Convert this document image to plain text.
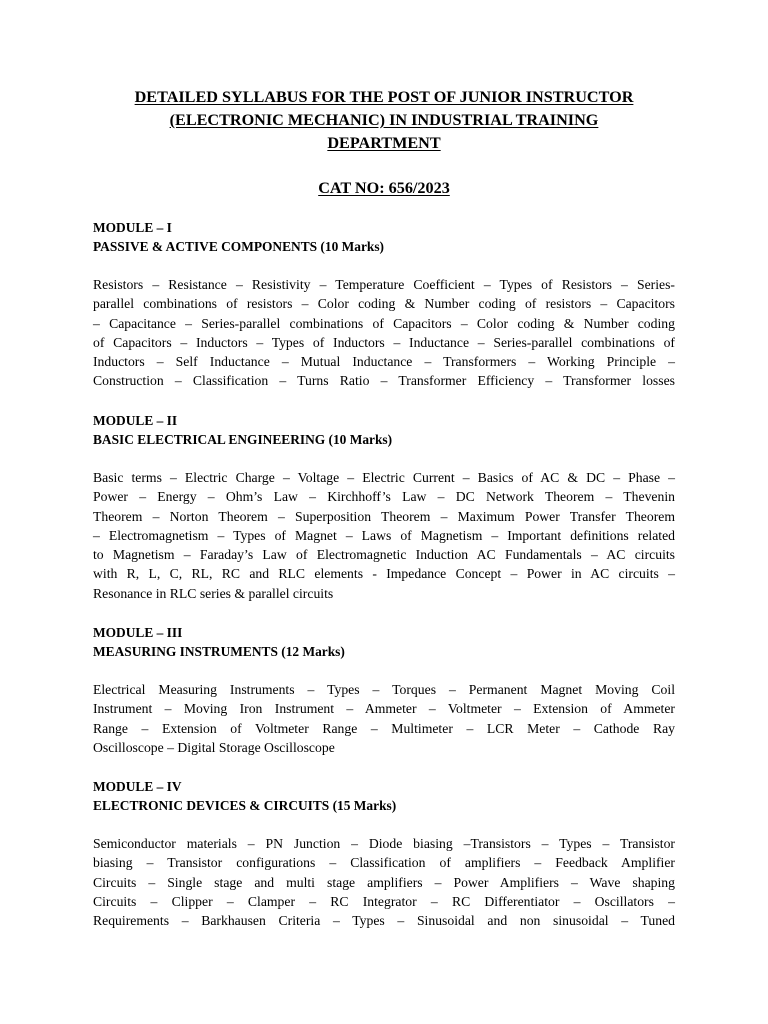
DETAILED SYLLABUS FOR THE POST OF JUNIOR INSTRUCTOR
(ELECTRONIC MECHANIC) IN INDUSTRIAL TRAINING
DEPARTMENT
CAT NO: 656/2023
MODULE – I
PASSIVE & ACTIVE COMPONENTS (10 Marks)
Resistors – Resistance – Resistivity – Temperature Coefficient – Types of Resistors – Series-
parallel combinations of resistors – Color coding & Number coding of resistors – Capacitors
– Capacitance – Series-parallel combinations of Capacitors – Color coding & Number coding
of Capacitors – Inductors – Types of Inductors – Inductance – Series-parallel combinations of
Inductors – Self Inductance – Mutual Inductance – Transformers – Working Principle –
Construction – Classification – Turns Ratio – Transformer Efficiency – Transformer losses
MODULE – II
BASIC ELECTRICAL ENGINEERING (10 Marks)
Basic terms – Electric Charge – Voltage – Electric Current – Basics of AC & DC – Phase –
Power – Energy – Ohm’s Law – Kirchhoff’s Law – DC Network Theorem – Thevenin
Theorem – Norton Theorem – Superposition Theorem – Maximum Power Transfer Theorem
– Electromagnetism – Types of Magnet – Laws of Magnetism – Important definitions related
to Magnetism – Faraday’s Law of Electromagnetic Induction AC Fundamentals – AC circuits
with R, L, C, RL, RC and RLC elements - Impedance Concept – Power in AC circuits –
Resonance in RLC series & parallel circuits
MODULE – III
MEASURING INSTRUMENTS (12 Marks)
Electrical Measuring Instruments – Types – Torques – Permanent Magnet Moving Coil
Instrument – Moving Iron Instrument – Ammeter – Voltmeter – Extension of Ammeter
Range – Extension of Voltmeter Range – Multimeter – LCR Meter – Cathode Ray
Oscilloscope – Digital Storage Oscilloscope
MODULE – IV
ELECTRONIC DEVICES & CIRCUITS (15 Marks)
Semiconductor materials – PN Junction – Diode biasing –Transistors – Types – Transistor
biasing – Transistor configurations – Classification of amplifiers – Feedback Amplifier
Circuits – Single stage and multi stage amplifiers – Power Amplifiers – Wave shaping
Circuits – Clipper – Clamper – RC Integrator – RC Differentiator – Oscillators –
Requirements – Barkhausen Criteria – Types – Sinusoidal and non sinusoidal – Tuned
